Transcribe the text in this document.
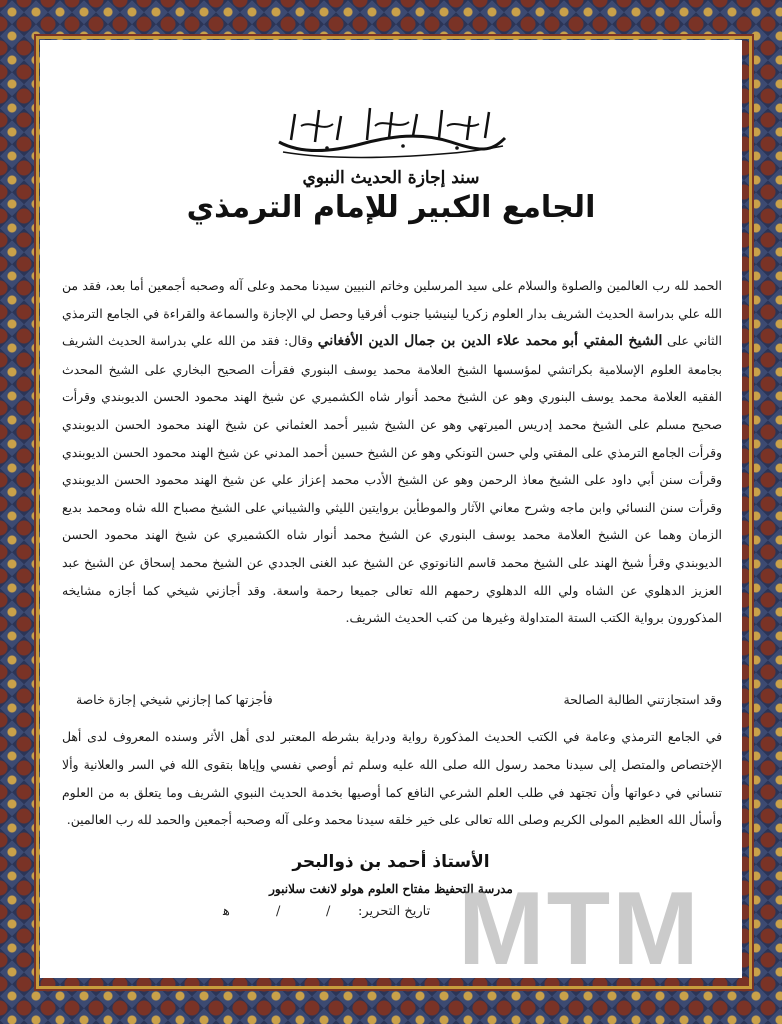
سند إجازة الحديث النبوي
الجامع الكبير للإمام الترمذي
الحمد لله رب العالمين والصلوة والسلام على سيد المرسلين وخاتم النبيين سيدنا محمد وعلى آله وصحبه أجمعين أما بعد، فقد من الله علي بدراسة الحديث الشريف بدار العلوم زكريا لينيشيا جنوب أفرقيا وحصل لي الإجازة والسماعة والقراءة في الجامع الترمذي الثاني على الشيخ المفتي أبو محمد علاء الدين بن جمال الدين الأفغاني وقال: فقد من الله علي بدراسة الحديث الشريف بجامعة العلوم الإسلامية بكراتشي لمؤسسها الشيخ العلامة محمد يوسف البنوري فقرأت الصحيح البخاري على الشيخ المحدث الفقيه العلامة محمد يوسف البنوري وهو عن الشيخ محمد أنوار شاه الكشميري عن شيخ الهند محمود الحسن الديوبندي وقرأت صحيح مسلم على الشيخ محمد إدريس الميرتهي وهو عن الشيخ شبير أحمد العثماني عن شيخ الهند محمود الحسن الديوبندي وقرأت الجامع الترمذي على المفتي ولي حسن التونكي وهو عن الشيخ حسين أحمد المدني عن شيخ الهند محمود الحسن الديوبندي وقرأت سنن أبي داود على الشيخ معاذ الرحمن وهو عن الشيخ الأدب محمد إعزاز علي عن شيخ الهند محمود الحسن الديوبندي وقرأت سنن النسائي وابن ماجه وشرح معاني الآثار والموطأين بروايتين الليثي والشيباني على الشيخ مصباح الله شاه ومحمد بديع الزمان وهما عن الشيخ العلامة محمد يوسف البنوري عن الشيخ محمد أنوار شاه الكشميري عن شيخ الهند محمود الحسن الديوبندي وقرأ شيخ الهند على الشيخ محمد قاسم النانوتوي عن الشيخ عبد الغنى الجددي عن الشيخ محمد إسحاق عن الشيخ عبد العزيز الدهلوي عن الشاه ولي الله الدهلوي رحمهم الله تعالى جميعا رحمة واسعة. وقد أجازني شيخي كما أجازه مشايخه المذكورون برواية الكتب الستة المتداولة وغيرها من كتب الحديث الشريف.
وقد استجازتني الطالبة الصالحة
فأجزتها كما إجازني شيخي إجازة خاصة
في الجامع الترمذي وعامة في الكتب الحديث المذكورة رواية ودراية بشرطه المعتبر لدى أهل الأثر وسنده المعروف لدى أهل الإختصاص والمتصل إلى سيدنا محمد رسول الله صلى الله عليه وسلم ثم أوصي نفسي وإياها بتقوى الله في السر والعلانية وألا تنساني في دعواتها وأن تجتهد في طلب العلم الشرعي النافع كما أوصيها بخدمة الحديث النبوي الشريف وما يتعلق به من العلوم وأسأل الله العظيم المولى الكريم وصلى الله تعالى على خير خلقه سيدنا محمد وعلى آله وصحبه أجمعين والحمد لله رب العالمين.
الأستاذ أحمد بن ذوالبحر
مدرسة التحفيظ مفتاح العلوم هولو لانغت سلانبور
تاريخ التحرير:
/
/
ﻫ MTM
